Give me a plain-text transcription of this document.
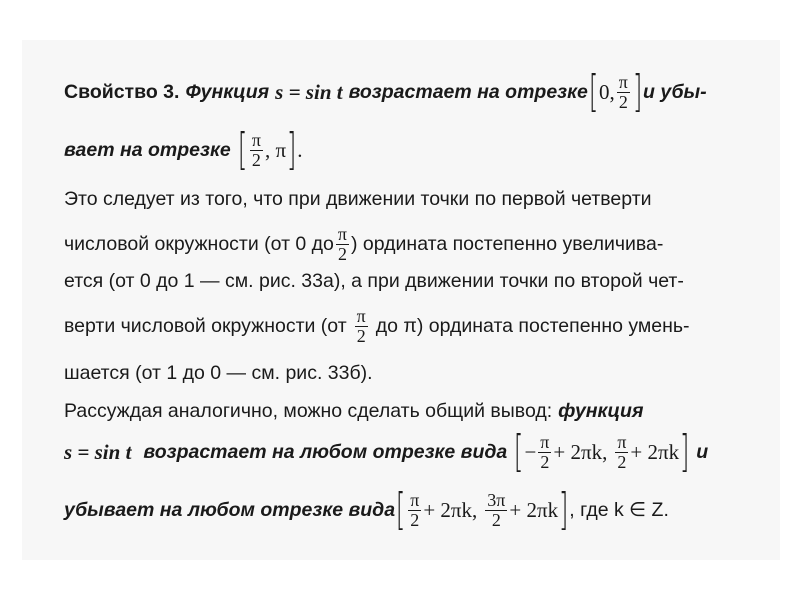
Свойство 3. Функция s = sin t возрастает на отрезке [ 0, $\frac{\pi}{2}$ ] и убы-
вает на отрезке [ $\frac{\pi}{2}$ , π ] .
Это следует из того, что при движении точки по первой четверти
числовой окружности (от 0 до $\frac{\pi}{2}$ ) ордината постепенно увеличива-
ется (от 0 до 1 — см. рис. 33а), а при движении точки по второй чет-
верти числовой окружности ($от \frac{\pi}{2}$ до π) ордината постепенно умень-
шается (от 1 до 0 — см. рис. 33б).
Рассуждая аналогично, можно сделать общий вывод: функция
s = sin t возрастает на любом отрезке вида [ − $\frac{\pi}{2} + 2\pi k$, $\frac{\pi}{2} + 2\pi k$ ] и
убывает на любом отрезке вида [ $\frac{\pi}{2} + 2\pi k$, $\frac{3\pi}{2} + 2\pi k$ ] , где k ∈ Z.
